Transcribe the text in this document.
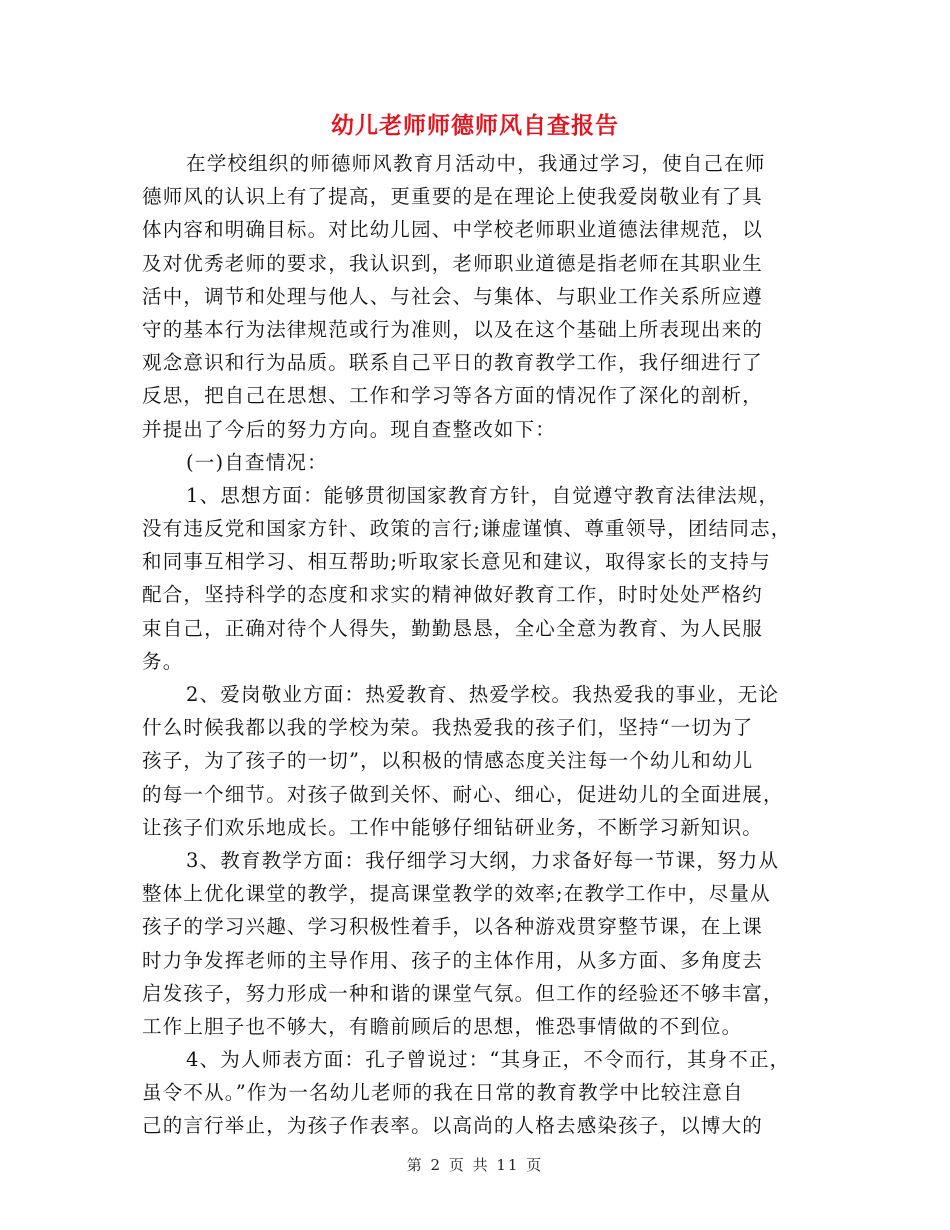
幼儿老师师德师风自查报告
在学校组织的师德师风教育月活动中，我通过学习，使自己在师
德师风的认识上有了提高，更重要的是在理论上使我爱岗敬业有了具
体内容和明确目标。对比幼儿园、中学校老师职业道德法律规范，以
及对优秀老师的要求，我认识到，老师职业道德是指老师在其职业生
活中，调节和处理与他人、与社会、与集体、与职业工作关系所应遵
守的基本行为法律规范或行为准则，以及在这个基础上所表现出来的
观念意识和行为品质。联系自己平日的教育教学工作，我仔细进行了
反思，把自己在思想、工作和学习等各方面的情况作了深化的剖析，
并提出了今后的努力方向。现自查整改如下：
(一)自查情况：
1、思想方面：能够贯彻国家教育方针，自觉遵守教育法律法规，
没有违反党和国家方针、政策的言行;谦虚谨慎、尊重领导，团结同志，
和同事互相学习、相互帮助;听取家长意见和建议，取得家长的支持与
配合，坚持科学的态度和求实的精神做好教育工作，时时处处严格约
束自己，正确对待个人得失，勤勤恳恳，全心全意为教育、为人民服
务。
2、爱岗敬业方面：热爱教育、热爱学校。我热爱我的事业，无论
什么时候我都以我的学校为荣。我热爱我的孩子们，坚持“一切为了
孩子，为了孩子的一切”，以积极的情感态度关注每一个幼儿和幼儿
的每一个细节。对孩子做到关怀、耐心、细心，促进幼儿的全面进展，
让孩子们欢乐地成长。工作中能够仔细钻研业务，不断学习新知识。
3、教育教学方面：我仔细学习大纲，力求备好每一节课，努力从
整体上优化课堂的教学，提高课堂教学的效率;在教学工作中，尽量从
孩子的学习兴趣、学习积极性着手，以各种游戏贯穿整节课，在上课
时力争发挥老师的主导作用、孩子的主体作用，从多方面、多角度去
启发孩子，努力形成一种和谐的课堂气氛。但工作的经验还不够丰富，
工作上胆子也不够大，有瞻前顾后的思想，惟恐事情做的不到位。
4、为人师表方面：孔子曾说过：“其身正，不令而行，其身不正，
虽令不从。”作为一名幼儿老师的我在日常的教育教学中比较注意自
己的言行举止，为孩子作表率。以高尚的人格去感染孩子，以博大的
第 2 页 共 11 页
